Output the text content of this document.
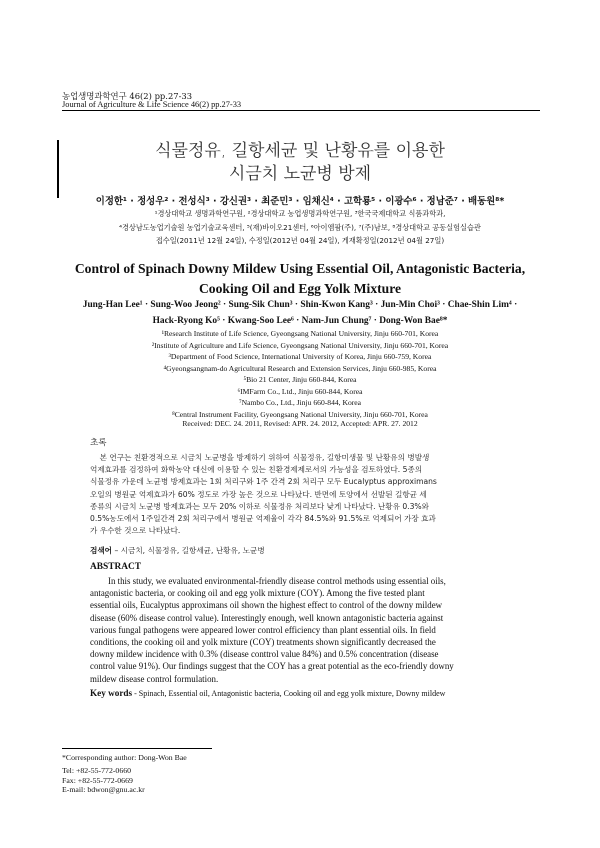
농업생명과학연구 46(2) pp.27-33
Journal of Agriculture & Life Science 46(2) pp.27-33
식물정유, 길항세균 및 난황유를 이용한
시금치 노균병 방제
이정한¹ · 정성우² · 전성식³ · 강신권³ · 최준민³ · 임채신⁴ · 고학룡⁵ · 이광수⁶ · 정남준⁷ · 배동원⁸*
¹경상대학교 생명과학연구원, ²경상대학교 농업생명과학연구원, ³한국국제대학교 식품과학과,
⁴경상남도농업기술원 농업기술교육센터, ⁵(재)바이오21센터, ⁶아이엠팜(주), ⁷(주)남보, ⁸경상대학교 공동실험실습관
접수일(2011년 12월 24일), 수정일(2012년 04월 24일), 게재확정일(2012년 04월 27일)
Control of Spinach Downy Mildew Using Essential Oil, Antagonistic Bacteria,
Cooking Oil and Egg Yolk Mixture
Jung-Han Lee¹ · Sung-Woo Jeong² · Sung-Sik Chun³ · Shin-Kwon Kang³ · Jun-Min Choi³ · Chae-Shin Lim⁴ ·
Hack-Ryong Ko⁵ · Kwang-Soo Lee⁶ · Nam-Jun Chung⁷ · Dong-Won Bae⁸*
¹Research Institute of Life Science, Gyeongsang National University, Jinju 660-701, Korea
²Institute of Agriculture and Life Science, Gyeongsang National University, Jinju 660-701, Korea
³Department of Food Science, International University of Korea, Jinju 660-759, Korea
⁴Gyeongsangnam-do Agricultural Research and Extension Services, Jinju 660-985, Korea
⁵Bio 21 Center, Jinju 660-844, Korea
⁶IMFarm Co., Ltd., Jinju 660-844, Korea
⁷Nambo Co., Ltd., Jinju 660-844, Korea
⁸Central Instrument Facility, Gyeongsang National University, Jinju 660-701, Korea
Received: DEC. 24. 2011, Revised: APR. 24. 2012, Accepted: APR. 27. 2012
초록
본 연구는 친환경적으로 시금치 노균병을 방제하기 위하여 식물정유, 길항미생물 및 난황유의 병발생
억제효과를 검정하여 화학농약 대신에 이용할 수 있는 친환경제제로서의 가능성을 검토하였다. 5종의
식물정유 가운데 노균병 방제효과는 1회 처리구와 1주 간격 2회 처리구 모두 Eucalyptus approximans
오일의 병원균 억제효과가 60% 정도로 가장 높은 것으로 나타났다. 반면에 토양에서 선발된 길항균 세
종류의 시금치 노균병 방제효과는 모두 20% 이하로 식물정유 처리보다 낮게 나타났다. 난황유 0.3%와
0.5%농도에서 1주일간격 2회 처리구에서 병원균 억제율이 각각 84.5%와 91.5%로 억제되어 가장 효과
가 우수한 것으로 나타났다.
검색어 – 시금치, 식물정유, 길항세균, 난황유, 노균병
ABSTRACT

In this study, we evaluated environmental-friendly disease control methods using essential oils,

antagonistic bacteria, or cooking oil and egg yolk mixture (COY). Among the five tested plant
essential oils, Eucalyptus approximans oil shown the highest effect to control of the downy mildew
disease (60% disease control value). Interestingly enough, well known antagonistic bacteria against
various fungal pathogens were appeared lower control efficiency than plant essential oils. In field
conditions, the cooking oil and yolk mixture (COY) treatments shown significantly decreased the
downy mildew incidence with 0.3% (disease conttrol value 84%) and 0.5% concentration (disease
control value 91%). Our findings suggest that the COY has a great potential as the eco-friendly downy
mildew disease control formulation.
Key words - Spinach, Essential oil, Antagonistic bacteria, Cooking oil and egg yolk mixture, Downy mildew
*Corresponding author: Dong-Won Bae
Tel: +82-55-772-0660
Fax: +82-55-772-0669
E-mail: bdwon@gnu.ac.kr
